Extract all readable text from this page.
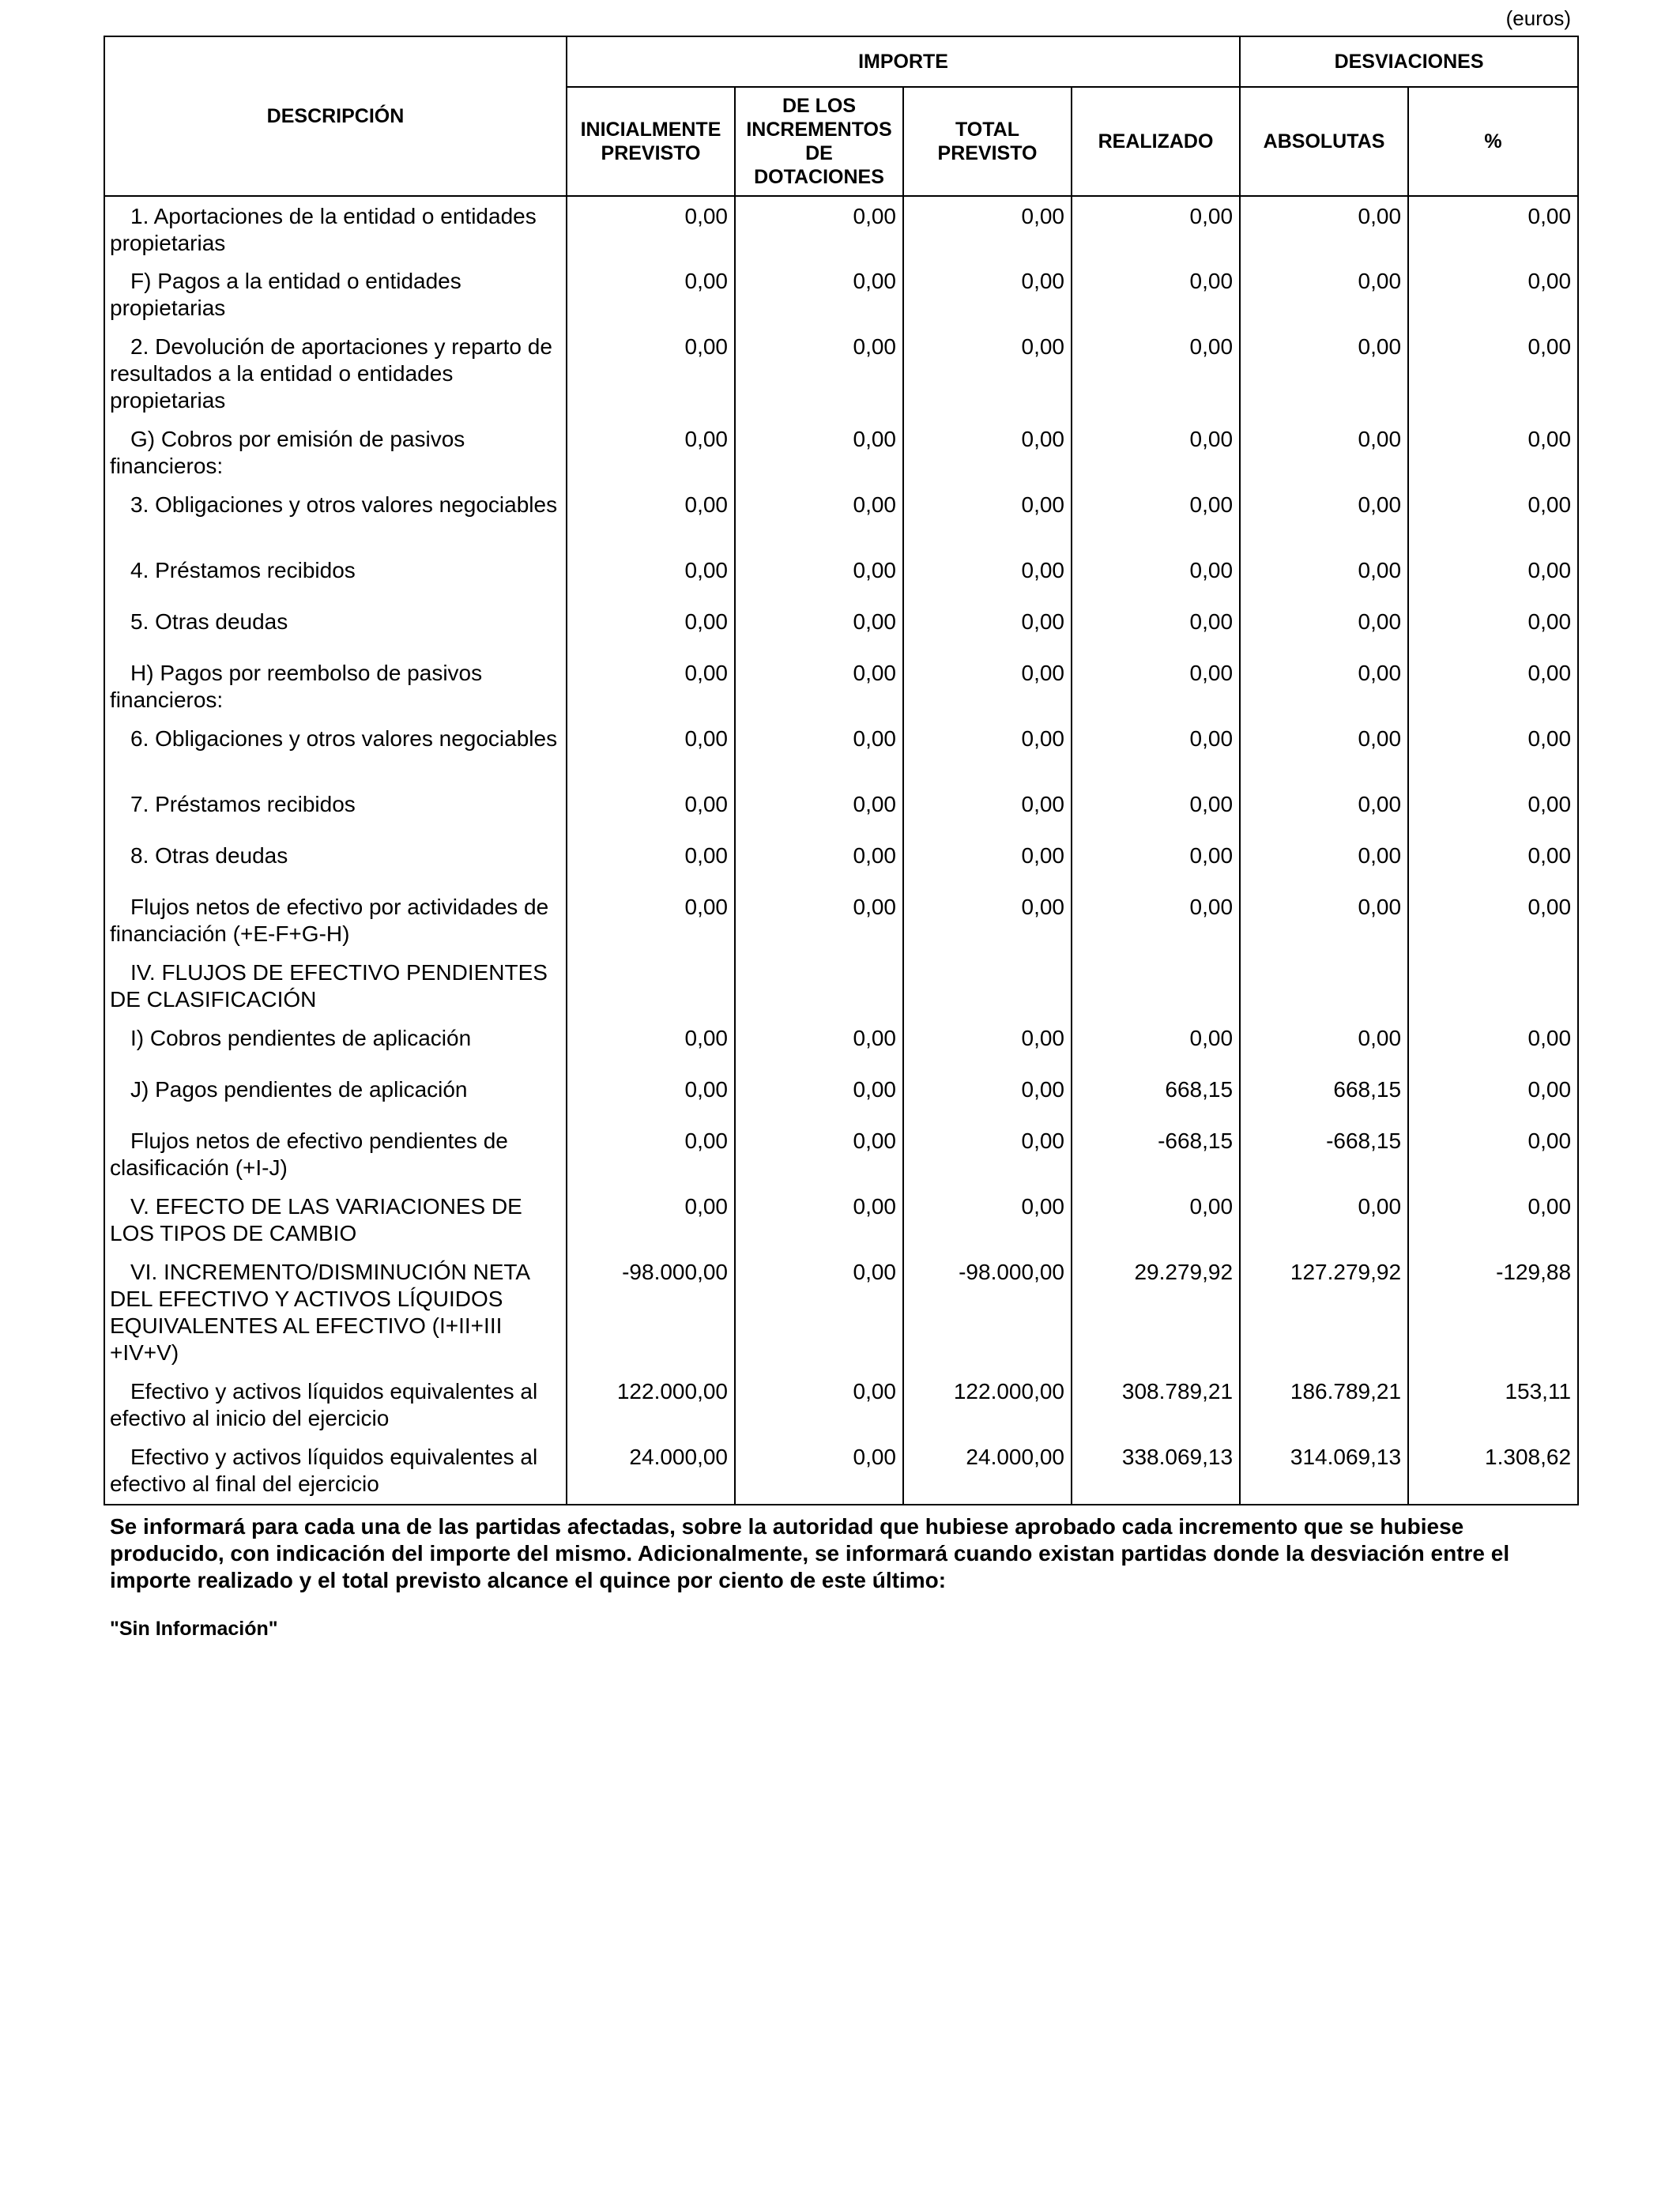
(euros)
DESCRIPCIÓN	IMPORTE				DESVIACIONES	
	INICIALMENTE PREVISTO	DE LOS INCREMENTOS DE DOTACIONES	TOTAL PREVISTO	REALIZADO	ABSOLUTAS	%
1. Aportaciones de la entidad o entidades propietarias	0,00	0,00	0,00	0,00	0,00	0,00
F) Pagos a la entidad o entidades propietarias	0,00	0,00	0,00	0,00	0,00	0,00
2. Devolución de aportaciones y reparto de resultados a la entidad o entidades propietarias	0,00	0,00	0,00	0,00	0,00	0,00
G) Cobros por emisión de pasivos financieros:	0,00	0,00	0,00	0,00	0,00	0,00
3. Obligaciones y otros valores negociables	0,00	0,00	0,00	0,00	0,00	0,00
4. Préstamos recibidos	0,00	0,00	0,00	0,00	0,00	0,00
5. Otras deudas	0,00	0,00	0,00	0,00	0,00	0,00
H) Pagos por reembolso de pasivos financieros:	0,00	0,00	0,00	0,00	0,00	0,00
6. Obligaciones y otros valores negociables	0,00	0,00	0,00	0,00	0,00	0,00
7. Préstamos recibidos	0,00	0,00	0,00	0,00	0,00	0,00
8. Otras deudas	0,00	0,00	0,00	0,00	0,00	0,00
Flujos netos de efectivo por actividades de financiación (+E-F+G-H)	0,00	0,00	0,00	0,00	0,00	0,00
IV. FLUJOS DE EFECTIVO PENDIENTES DE CLASIFICACIÓN						
I) Cobros pendientes de aplicación	0,00	0,00	0,00	0,00	0,00	0,00
J) Pagos pendientes de aplicación	0,00	0,00	0,00	668,15	668,15	0,00
Flujos netos de efectivo pendientes de clasificación (+I-J)	0,00	0,00	0,00	-668,15	-668,15	0,00
V. EFECTO DE LAS VARIACIONES DE LOS TIPOS DE CAMBIO	0,00	0,00	0,00	0,00	0,00	0,00
VI. INCREMENTO/DISMINUCIÓN NETA DEL EFECTIVO Y ACTIVOS LÍQUIDOS EQUIVALENTES AL EFECTIVO (I+II+III +IV+V)	-98.000,00	0,00	-98.000,00	29.279,92	127.279,92	-129,88
Efectivo y activos líquidos equivalentes al efectivo al inicio del ejercicio	122.000,00	0,00	122.000,00	308.789,21	186.789,21	153,11
Efectivo y activos líquidos equivalentes al efectivo al final del ejercicio	24.000,00	0,00	24.000,00	338.069,13	314.069,13	1.308,62

Se informará para cada una de las partidas afectadas, sobre la autoridad que hubiese aprobado cada incremento que se hubiese producido, con indicación del importe del mismo. Adicionalmente, se informará cuando existan partidas donde la desviación entre el importe realizado y el total previsto alcance el quince por ciento de este último:

"Sin Información"
